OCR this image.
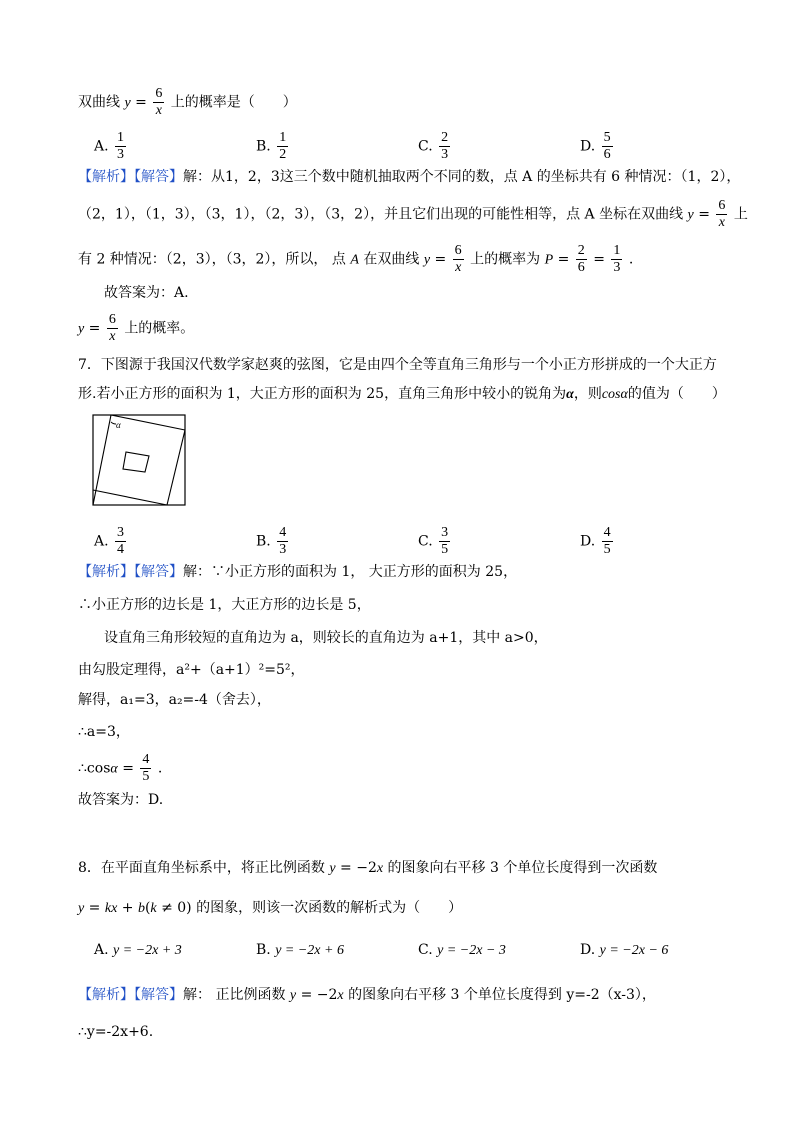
双曲线 $y = \frac{6}{x}$ 上的概率是（　　）
A. $\frac{1}{3}$	B. $\frac{1}{2}$	C. $\frac{2}{3}$	D. $\frac{5}{6}$
【解析】【解答】解：从1，2，3这三个数中随机抽取两个不同的数，点 A 的坐标共有 6 种情况：（1，2），
（2，1），（1，3），（3，1），（2，3），（3，2），并且它们出现的可能性相等，点 A 坐标在双曲线 $y = \frac{6}{x}$ 上
有 2 种情况：（2，3），（3，2），所以， 点 A 在双曲线 $y = \frac{6}{x}$ 上的概率为 $P = \frac{2}{6} = \frac{1}{3}$ .
故答案为：A.
$y = \frac{6}{x}$ 上的概率。
7．下图源于我国汉代数学家赵爽的弦图，它是由四个全等直角三角形与一个小正方形拼成的一个大正方
形.若小正方形的面积为 1，大正方形的面积为 25，直角三角形中较小的锐角为α，则cosα的值为（　　）
α
A. $\frac{3}{4}$	B. $\frac{4}{3}$	C. $\frac{3}{5}$	D. $\frac{4}{5}$
【解析】【解答】解：∵小正方形的面积为 1， 大正方形的面积为 25，
∴小正方形的边长是 1，大正方形的边长是 5，
设直角三角形较短的直角边为 a，则较长的直角边为 a+1，其中 a>0，
由勾股定理得，a²+（a+1）²=5²，
解得，a₁=3，a₂=-4（舍去），
∴a=3，
∴cosα = $\frac{4}{5}$ .
故答案为：D.
8．在平面直角坐标系中，将正比例函数 y = −2x 的图象向右平移 3 个单位长度得到一次函数
y = kx + b(k ≠ 0) 的图象，则该一次函数的解析式为（　　）
A. y = −2x + 3	B. y = −2x + 6	C. y = −2x − 3	D. y = −2x − 6
【解析】【解答】解： 正比例函数 y = −2x 的图象向右平移 3 个单位长度得到 y=-2（x-3），
∴y=-2x+6.
